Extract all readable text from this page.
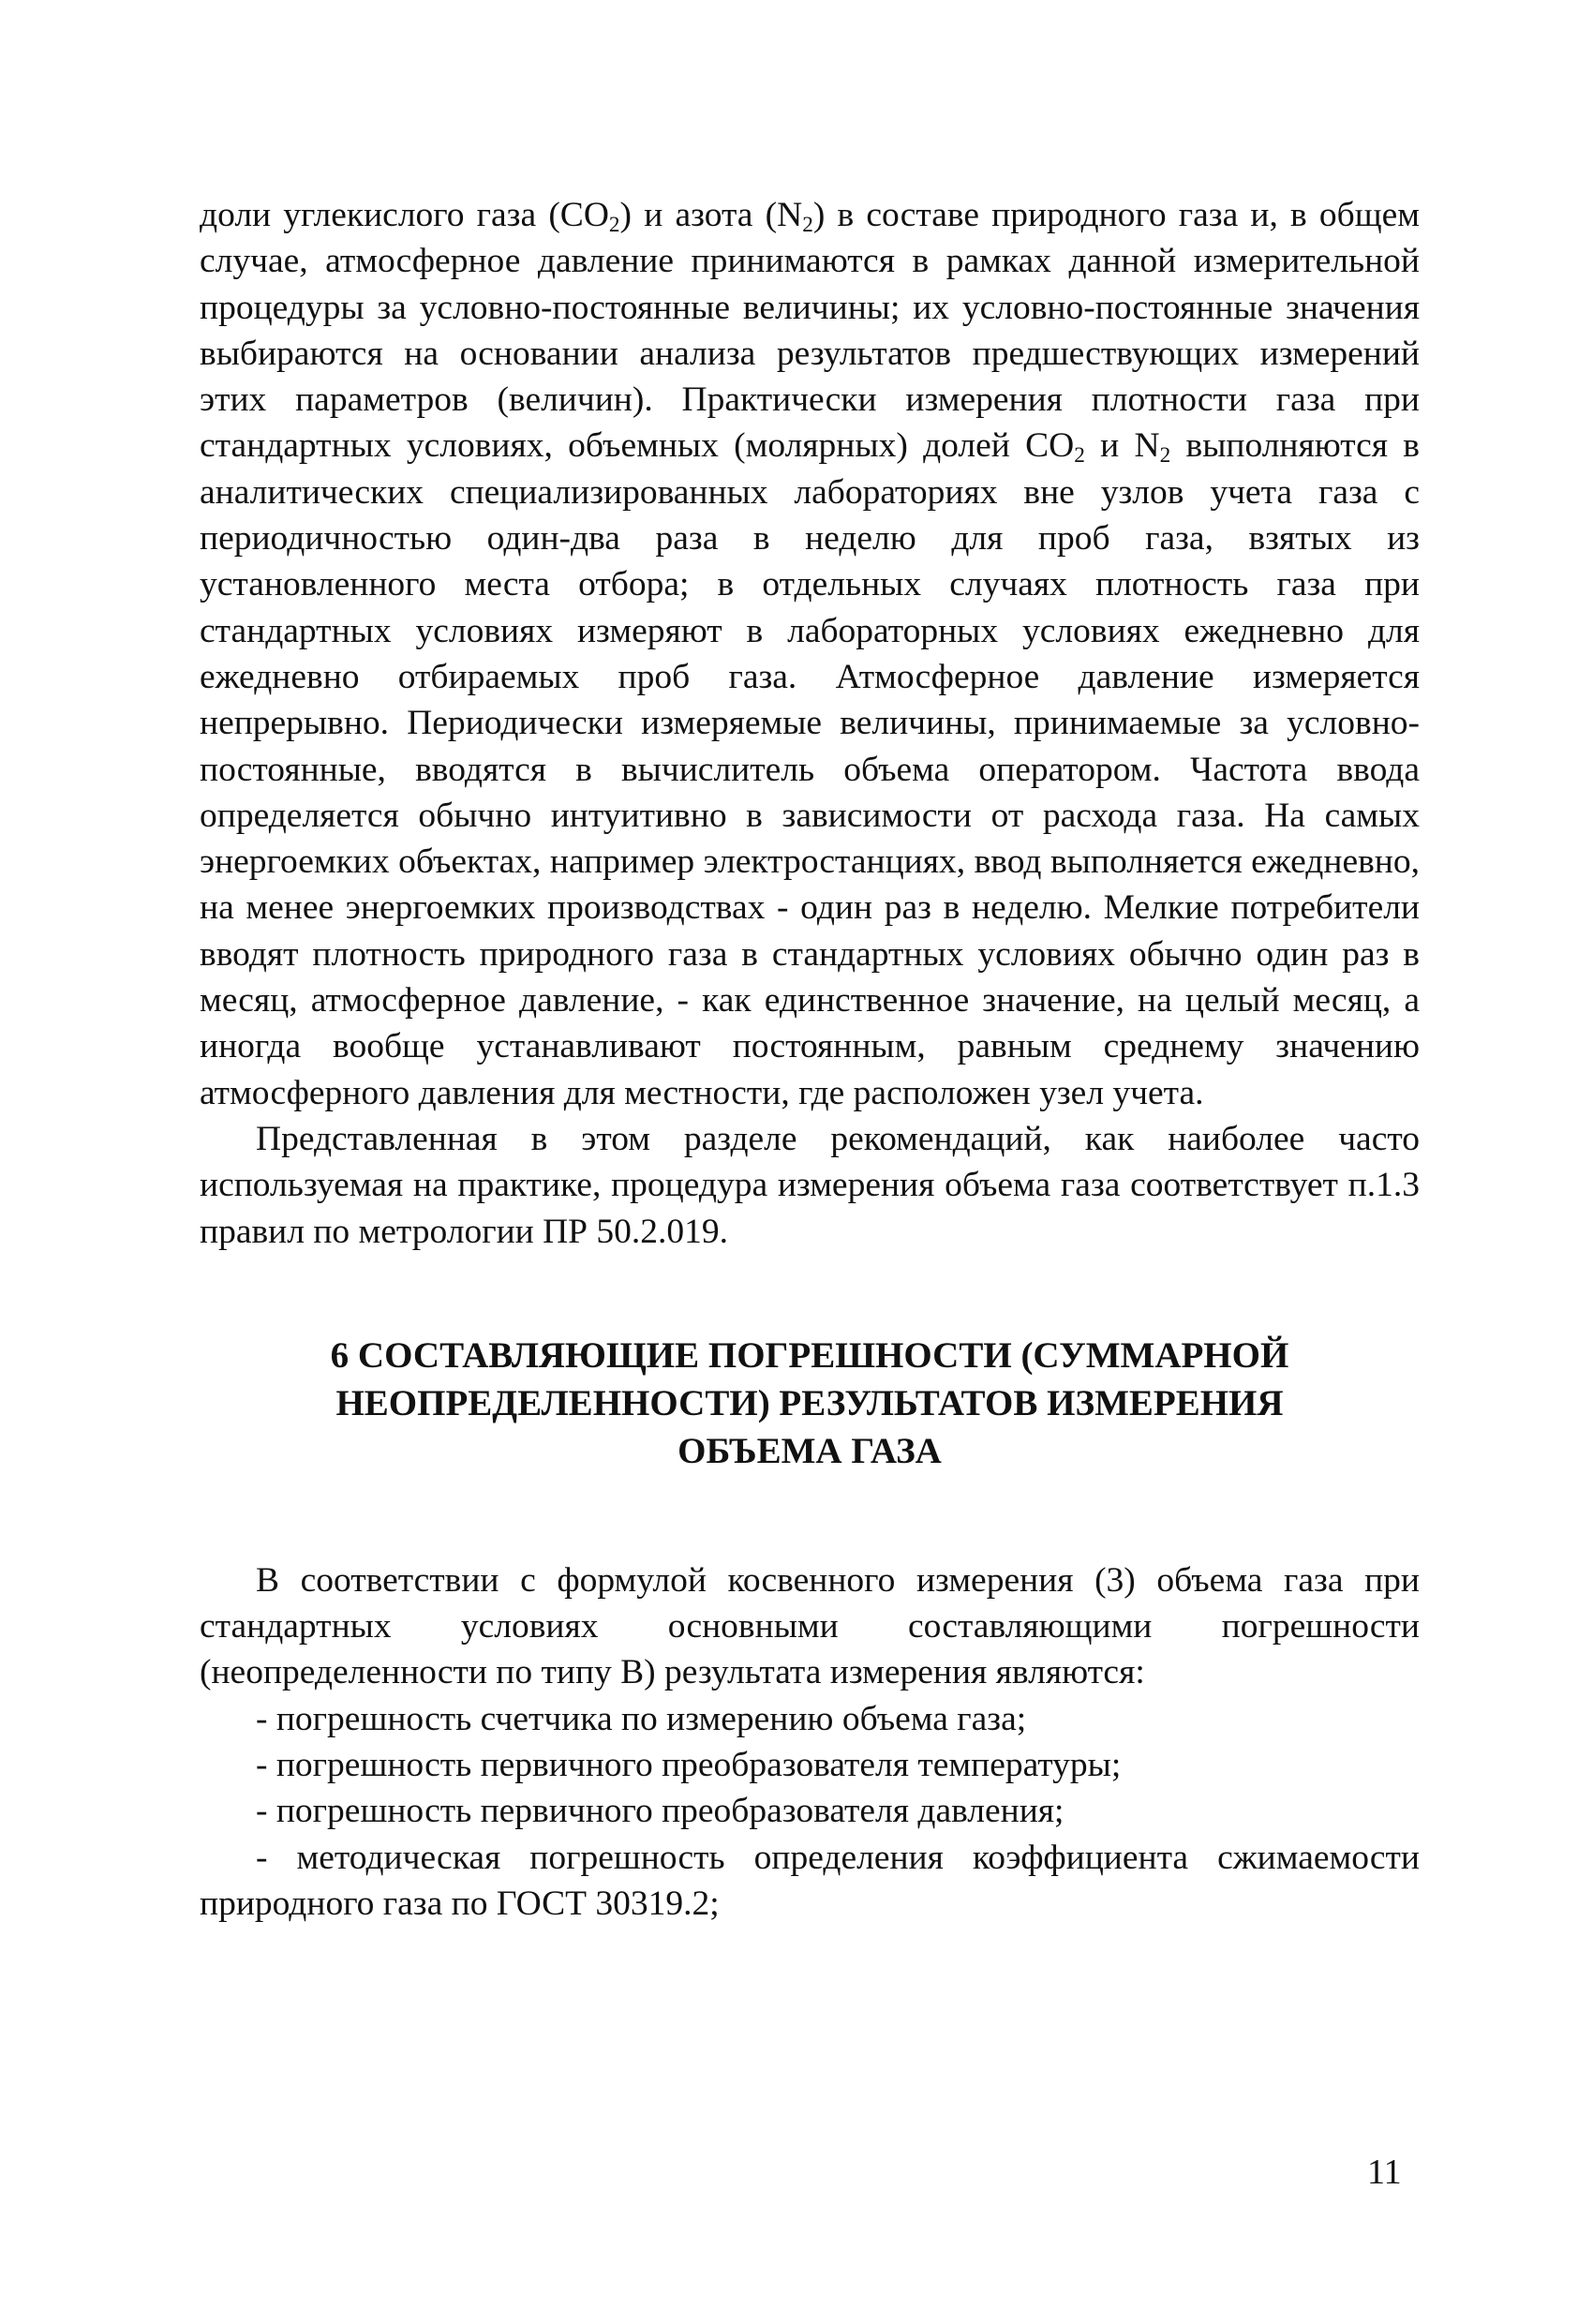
доли углекислого газа $(CO_2)$ и азота $(N_2)$ в составе природного газа и, в общем случае, атмосферное давление принимаются в рамках данной измерительной процедуры за условно-постоянные величины; их условно-постоянные значения выбираются на основании анализа результатов предшествующих измерений этих параметров (величин). Практически измерения плотности газа при стандартных условиях, объемных (молярных) долей $CO_2$ и $N_2$ выполняются в аналитических специализированных лабораториях вне узлов учета газа с периодичностью один-два раза в неделю для проб газа, взятых из установленного места отбора; в отдельных случаях плотность газа при стандартных условиях измеряют в лабораторных условиях ежедневно для ежедневно отбираемых проб газа. Атмосферное давление измеряется непрерывно. Периодически измеряемые величины, принимаемые за условно-постоянные, вводятся в вычислитель объема оператором. Частота ввода определяется обычно интуитивно в зависимости от расхода газа. На самых энергоемких объектах, например электростанциях, ввод выполняется ежедневно, на менее энергоемких производствах - один раз в неделю. Мелкие потребители вводят плотность природного газа в стандартных условиях обычно один раз в месяц, атмосферное давление, - как единственное значение, на целый месяц, а иногда вообще устанавливают постоянным, равным среднему значению атмосферного давления для местности, где расположен узел учета.

Представленная в этом разделе рекомендаций, как наиболее часто используемая на практике, процедура измерения объема газа соответствует п.1.3 правил по метрологии ПР 50.2.019.

6 СОСТАВЛЯЮЩИЕ ПОГРЕШНОСТИ (СУММАРНОЙ
НЕОПРЕДЕЛЕННОСТИ) РЕЗУЛЬТАТОВ ИЗМЕРЕНИЯ
ОБЪЕМА ГАЗА

В соответствии с формулой косвенного измерения (3) объема газа при стандартных условиях основными составляющими погрешности (неопределенности по типу B) результата измерения являются:

- погрешность счетчика по измерению объема газа;
- погрешность первичного преобразователя температуры;
- погрешность первичного преобразователя давления;
- методическая погрешность определения коэффициента сжимаемости природного газа по ГОСТ 30319.2;
11
